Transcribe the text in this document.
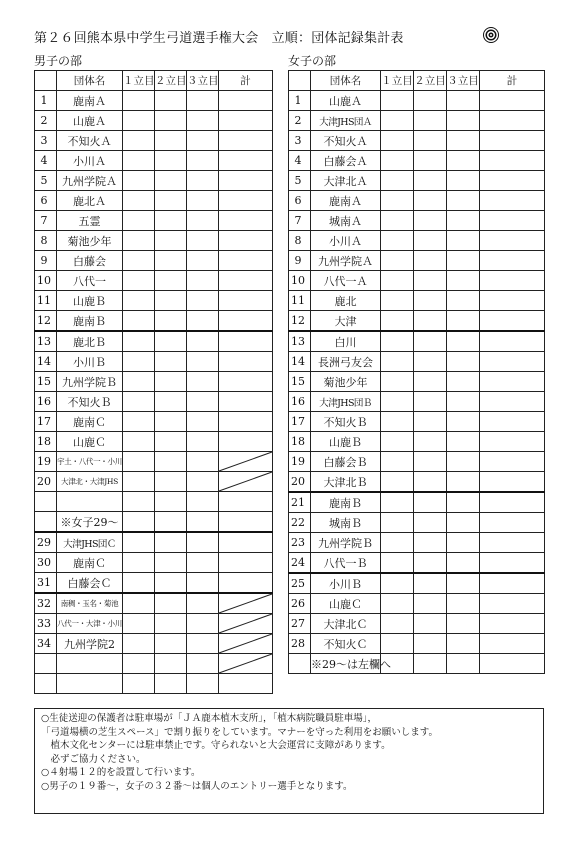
第２６回熊本県中学生弓道選手権大会　立順：団体記録集計表
男子の部	女子の部
	団体名	１立目	２立目	３立目	計
1	鹿南Ａ				
2	山鹿Ａ				
3	不知火Ａ				
4	小川Ａ				
5	九州学院Ａ				
6	鹿北Ａ				
7	五霊				
8	菊池少年				
9	白藤会				
10	八代一				
11	山鹿Ｂ				
12	鹿南Ｂ				
13	鹿北Ｂ				
14	小川Ｂ				
15	九州学院Ｂ				
16	不知火Ｂ				
17	鹿南Ｃ				
18	山鹿Ｃ				
19	宇土・八代一・小川				

20	大津北・大津JHS				

	※女子29～				
29	大津JHS団Ｃ				
30	鹿南Ｃ				
31	白藤会Ｃ				
32	南稠・玉名・菊池				

33	八代一・大津・小川				

34	九州学院2				

	団体名	１立目	２立目	３立目	計
1	山鹿Ａ				
2	大津JHS団Ａ				
3	不知火Ａ				
4	白藤会Ａ				
5	大津北Ａ				
6	鹿南Ａ				
7	城南Ａ				
8	小川Ａ				
9	九州学院Ａ				
10	八代一Ａ				
11	鹿北				
12	大津				
13	白川				
14	長洲弓友会				
15	菊池少年				
16	大津JHS団Ｂ				
17	不知火Ｂ				
18	山鹿Ｂ				
19	白藤会Ｂ				
20	大津北Ｂ				
21	鹿南Ｂ				
22	城南Ｂ				
23	九州学院Ｂ				
24	八代一Ｂ				
25	小川Ｂ				
26	山鹿Ｃ				
27	大津北Ｃ				
28	不知火Ｃ				
	※29～は左欄へ				
○生徒送迎の保護者は駐車場が「ＪＡ鹿本植木支所」，「植木病院職員駐車場」，
「弓道場横の芝生スペース」で割り振りをしています。マナーを守った利用をお願いします。
　植木文化センターには駐車禁止です。守られないと大会運営に支障があります。
　必ずご協力ください。
○４射場１２的を設置して行います。
○男子の１９番～，女子の３２番～は個人のエントリー選手となります。
